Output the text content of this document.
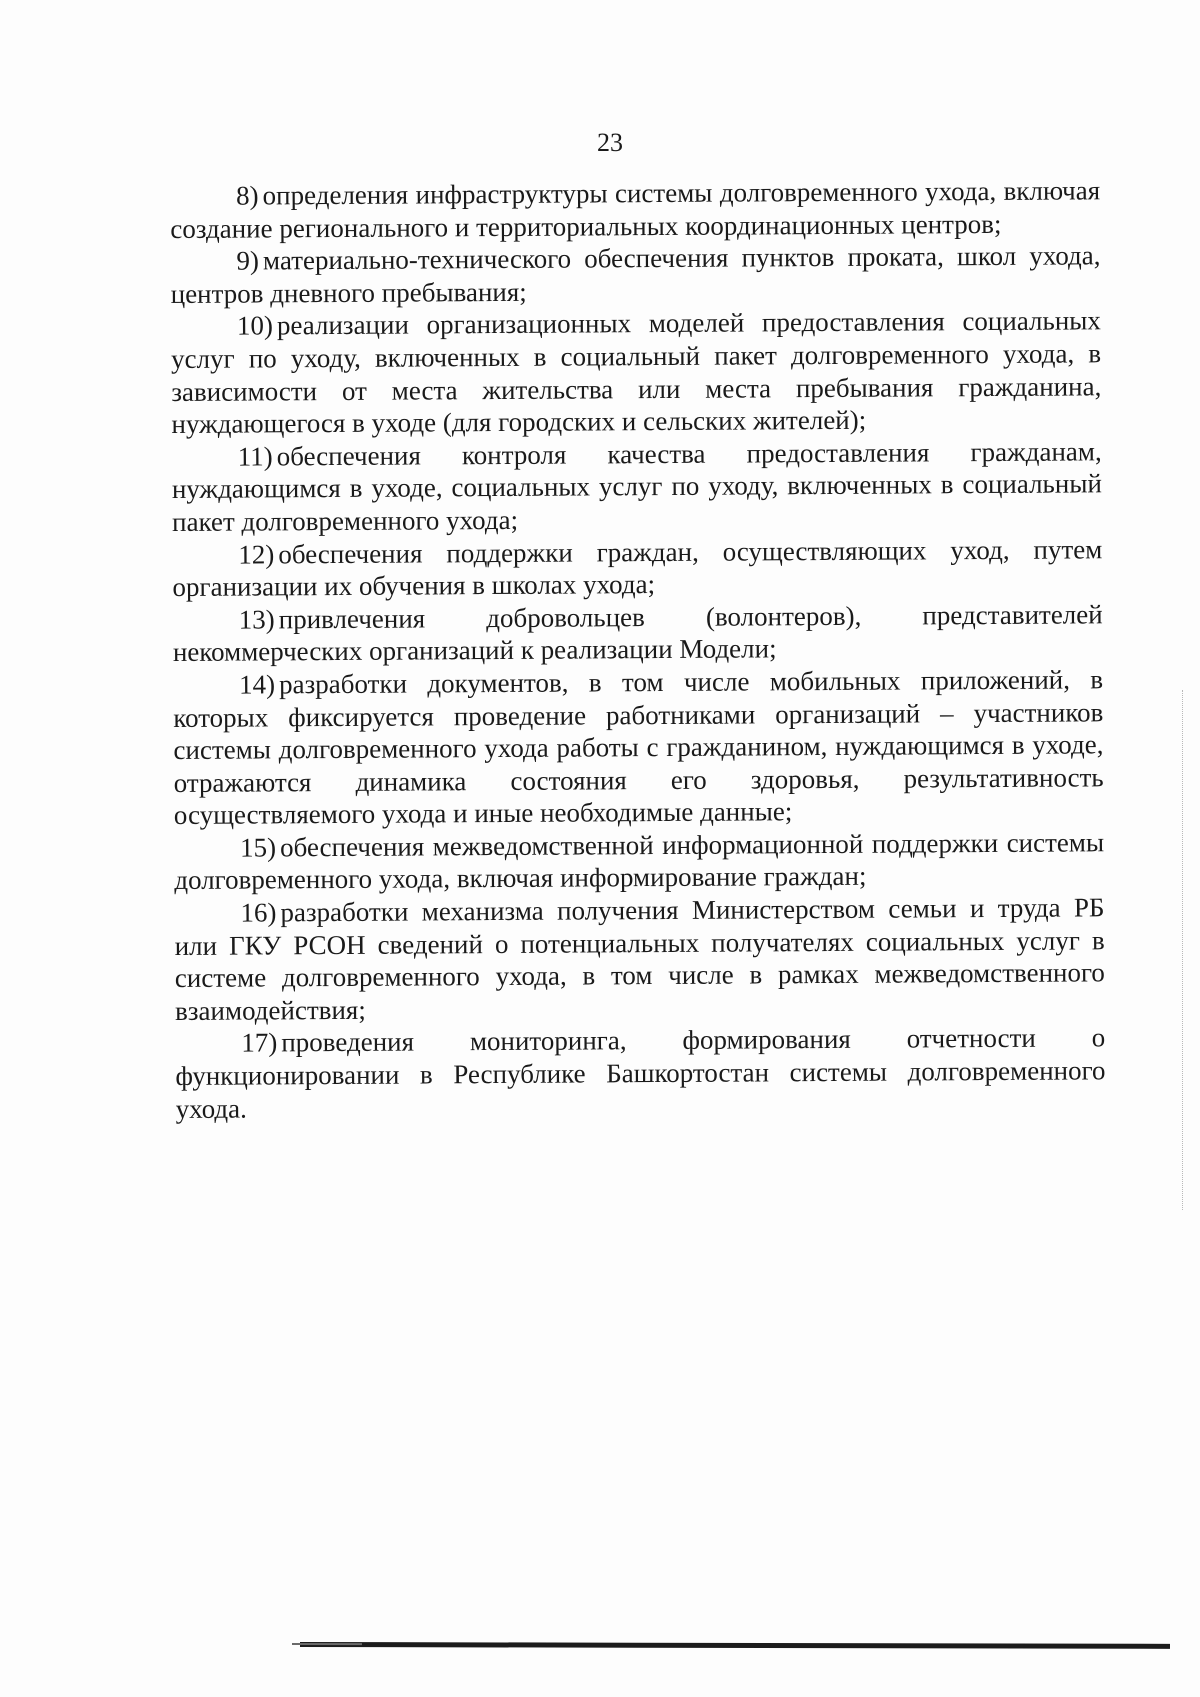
23

8) определения инфраструктуры системы долговременного ухода, включая создание регионального и территориальных координационных центров;

9) материально-технического обеспечения пунктов проката, школ ухода, центров дневного пребывания;

10) реализации организационных моделей предоставления социальных услуг по уходу, включенных в социальный пакет долговременного ухода, в зависимости от места жительства или места пребывания гражданина, нуждающегося в уходе (для городских и сельских жителей);

11) обеспечения контроля качества предоставления гражданам, нуждающимся в уходе, социальных услуг по уходу, включенных в социальный пакет долговременного ухода;

12) обеспечения поддержки граждан, осуществляющих уход, путем организации их обучения в школах ухода;

13) привлечения добровольцев (волонтеров), представителей некоммерческих организаций к реализации Модели;

14) разработки документов, в том числе мобильных приложений, в которых фиксируется проведение работниками организаций – участников системы долговременного ухода работы с гражданином, нуждающимся в уходе, отражаются динамика состояния его здоровья, результативность осуществляемого ухода и иные необходимые данные;

15) обеспечения межведомственной информационной поддержки системы долговременного ухода, включая информирование граждан;

16) разработки механизма получения Министерством семьи и труда РБ или ГКУ РСОН сведений о потенциальных получателях социальных услуг в системе долговременного ухода, в том числе в рамках межведомственного взаимодействия;

17) проведения мониторинга, формирования отчетности о функционировании в Республике Башкортостан системы долговременного ухода.
